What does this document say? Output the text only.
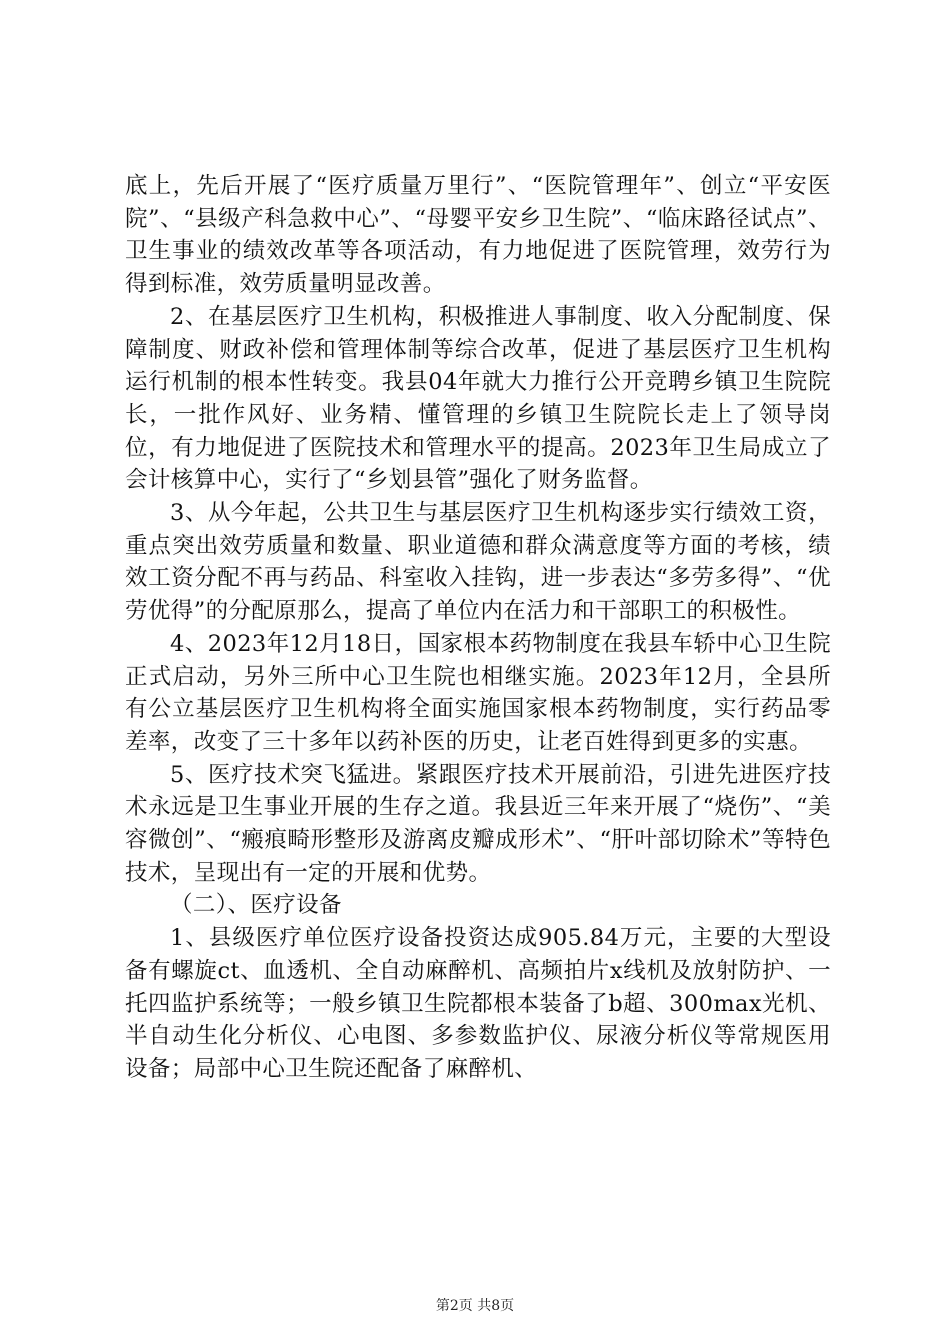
底上，先后开展了“医疗质量万里行”、“医院管理年”、创立“平安医院”、“县级产科急救中心”、“母婴平安乡卫生院”、“临床路径试点”、卫生事业的绩效改革等各项活动，有力地促进了医院管理，效劳行为得到标准，效劳质量明显改善。

2、在基层医疗卫生机构，积极推进人事制度、收入分配制度、保障制度、财政补偿和管理体制等综合改革，促进了基层医疗卫生机构运行机制的根本性转变。我县04年就大力推行公开竞聘乡镇卫生院院长，一批作风好、业务精、懂管理的乡镇卫生院院长走上了领导岗位，有力地促进了医院技术和管理水平的提高。2023年卫生局成立了会计核算中心，实行了“乡划县管”强化了财务监督。

3、从今年起，公共卫生与基层医疗卫生机构逐步实行绩效工资，重点突出效劳质量和数量、职业道德和群众满意度等方面的考核，绩效工资分配不再与药品、科室收入挂钩，进一步表达“多劳多得”、“优劳优得”的分配原那么，提高了单位内在活力和干部职工的积极性。

4、2023年12月18日，国家根本药物制度在我县车轿中心卫生院正式启动，另外三所中心卫生院也相继实施。2023年12月，全县所有公立基层医疗卫生机构将全面实施国家根本药物制度，实行药品零差率，改变了三十多年以药补医的历史，让老百姓得到更多的实惠。

5、医疗技术突飞猛进。紧跟医疗技术开展前沿，引进先进医疗技术永远是卫生事业开展的生存之道。我县近三年来开展了“烧伤”、“美容微创”、“瘢痕畸形整形及游离皮瓣成形术”、“肝叶部切除术”等特色技术，呈现出有一定的开展和优势。

（二）、医疗设备

1、县级医疗单位医疗设备投资达成905.84万元，主要的大型设备有螺旋ct、血透机、全自动麻醉机、高频拍片x线机及放射防护、一托四监护系统等；一般乡镇卫生院都根本装备了b超、300max光机、半自动生化分析仪、心电图、多参数监护仪、尿液分析仪等常规医用设备；局部中心卫生院还配备了麻醉机、

第2页 共8页
